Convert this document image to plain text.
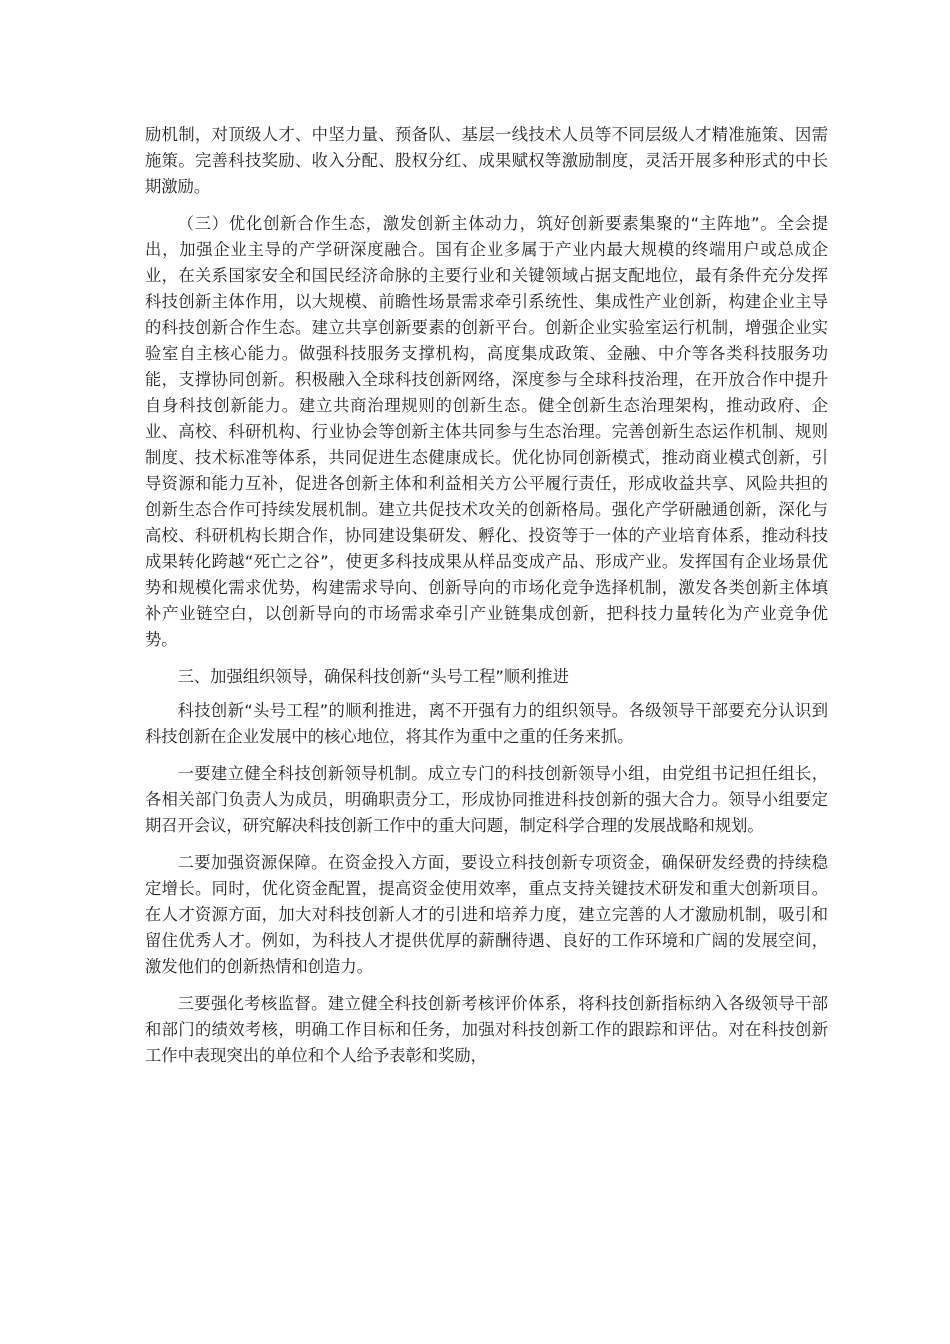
励机制，对顶级人才、中坚力量、预备队、基层一线技术人员等不同层级人才精准施策、因需施策。完善科技奖励、收入分配、股权分红、成果赋权等激励制度，灵活开展多种形式的中长期激励。

（三）优化创新合作生态，激发创新主体动力，筑好创新要素集聚的“主阵地”。全会提出，加强企业主导的产学研深度融合。国有企业多属于产业内最大规模的终端用户或总成企业，在关系国家安全和国民经济命脉的主要行业和关键领域占据支配地位，最有条件充分发挥科技创新主体作用，以大规模、前瞻性场景需求牵引系统性、集成性产业创新，构建企业主导的科技创新合作生态。建立共享创新要素的创新平台。创新企业实验室运行机制，增强企业实验室自主核心能力。做强科技服务支撑机构，高度集成政策、金融、中介等各类科技服务功能，支撑协同创新。积极融入全球科技创新网络，深度参与全球科技治理，在开放合作中提升自身科技创新能力。建立共商治理规则的创新生态。健全创新生态治理架构，推动政府、企业、高校、科研机构、行业协会等创新主体共同参与生态治理。完善创新生态运作机制、规则制度、技术标准等体系，共同促进生态健康成长。优化协同创新模式，推动商业模式创新，引导资源和能力互补，促进各创新主体和利益相关方公平履行责任，形成收益共享、风险共担的创新生态合作可持续发展机制。建立共促技术攻关的创新格局。强化产学研融通创新，深化与高校、科研机构长期合作，协同建设集研发、孵化、投资等于一体的产业培育体系，推动科技成果转化跨越“死亡之谷”，使更多科技成果从样品变成产品、形成产业。发挥国有企业场景优势和规模化需求优势，构建需求导向、创新导向的市场化竞争选择机制，激发各类创新主体填补产业链空白，以创新导向的市场需求牵引产业链集成创新，把科技力量转化为产业竞争优势。

三、加强组织领导，确保科技创新“头号工程”顺利推进

科技创新“头号工程”的顺利推进，离不开强有力的组织领导。各级领导干部要充分认识到科技创新在企业发展中的核心地位，将其作为重中之重的任务来抓。

一要建立健全科技创新领导机制。成立专门的科技创新领导小组，由党组书记担任组长，各相关部门负责人为成员，明确职责分工，形成协同推进科技创新的强大合力。领导小组要定期召开会议，研究解决科技创新工作中的重大问题，制定科学合理的发展战略和规划。

二要加强资源保障。在资金投入方面，要设立科技创新专项资金，确保研发经费的持续稳定增长。同时，优化资金配置，提高资金使用效率，重点支持关键技术研发和重大创新项目。在人才资源方面，加大对科技创新人才的引进和培养力度，建立完善的人才激励机制，吸引和留住优秀人才。例如，为科技人才提供优厚的薪酬待遇、良好的工作环境和广阔的发展空间，激发他们的创新热情和创造力。

三要强化考核监督。建立健全科技创新考核评价体系，将科技创新指标纳入各级领导干部和部门的绩效考核，明确工作目标和任务，加强对科技创新工作的跟踪和评估。对在科技创新工作中表现突出的单位和个人给予表彰和奖励，
